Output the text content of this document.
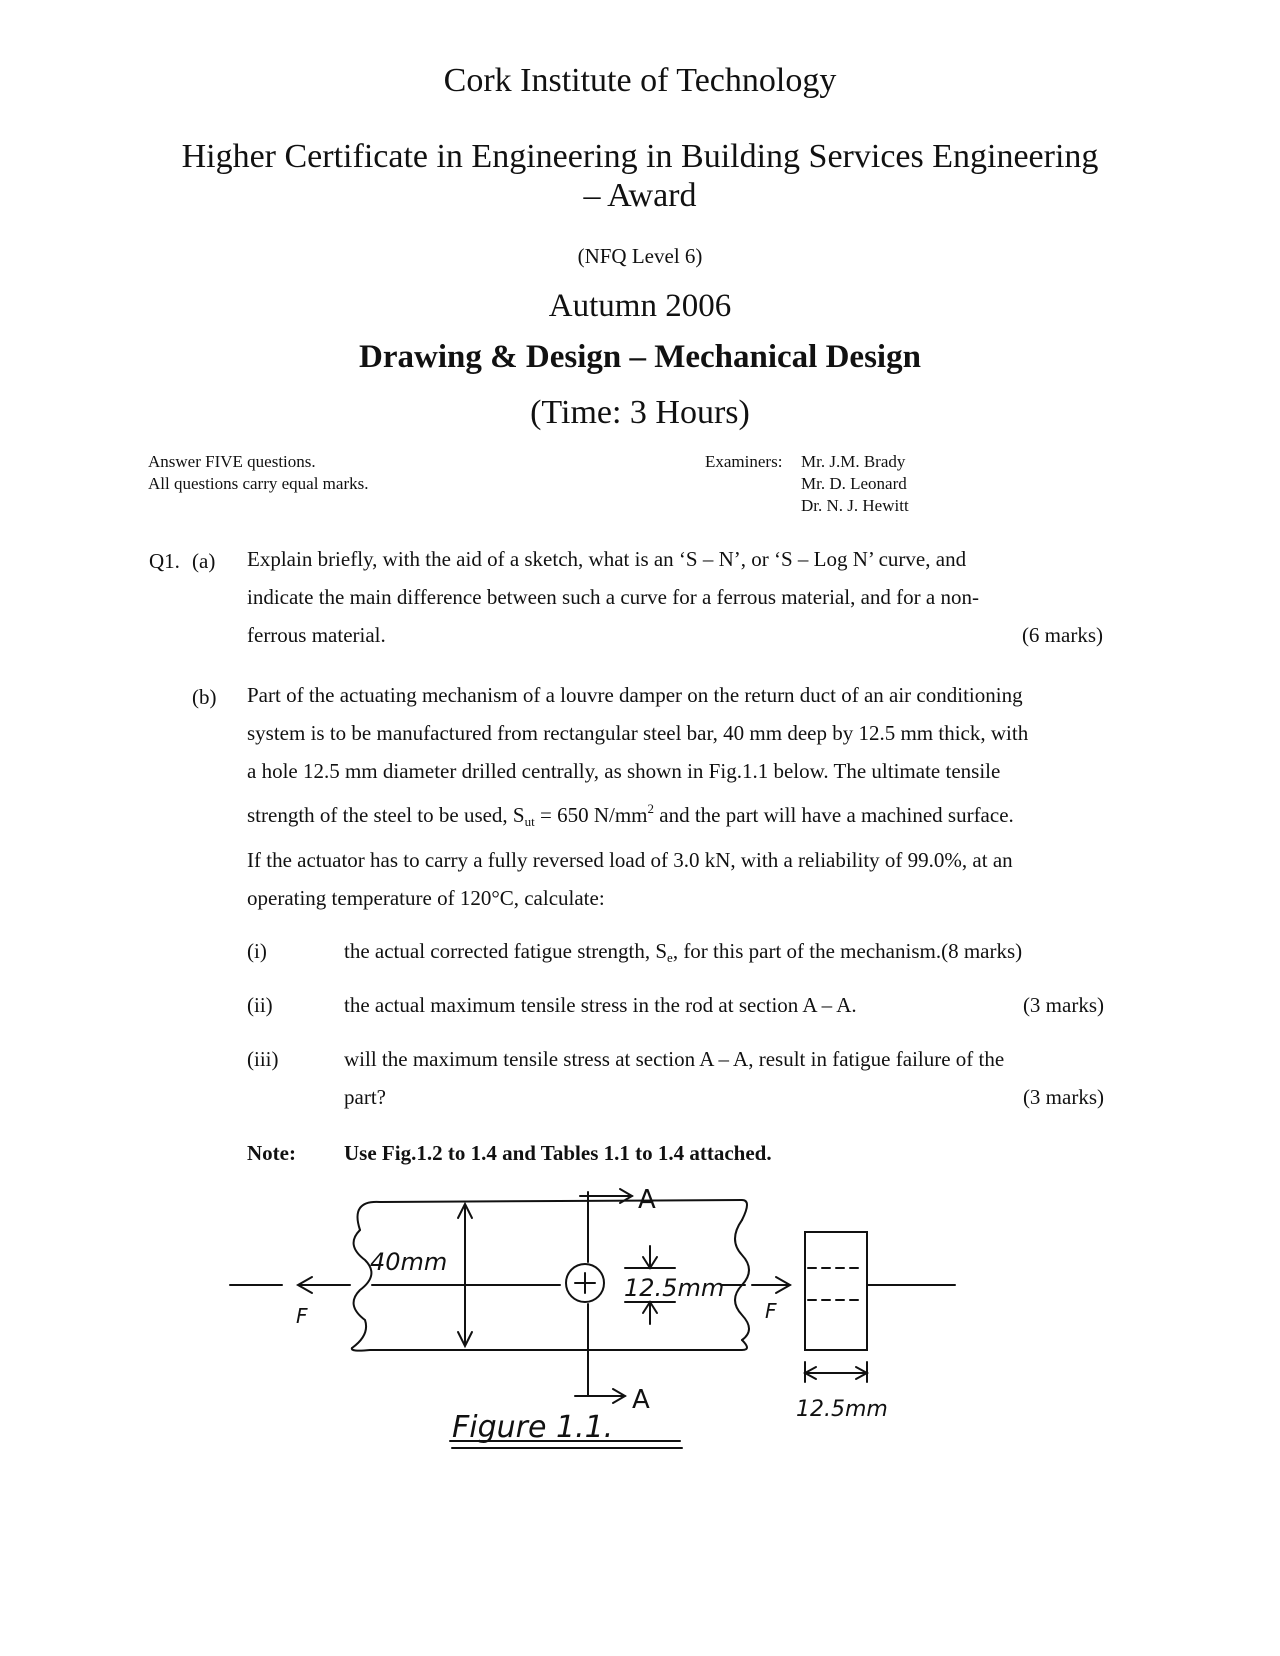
Cork Institute of Technology
Higher Certificate in Engineering in Building Services Engineering
– Award
(NFQ Level 6)
Autumn 2006
Drawing & Design – Mechanical Design
(Time: 3 Hours)
Answer FIVE questions.
All questions carry equal marks.
Examiners: Mr. J.M. Brady
Mr. D. Leonard
Dr. N. J. Hewitt
Q1. (a) Explain briefly, with the aid of a sketch, what is an ‘S – N’, or ‘S – Log N’ curve, and
indicate the main difference between such a curve for a ferrous material, and for a non-
ferrous material.	(6 marks)
(b) Part of the actuating mechanism of a louvre damper on the return duct of an air conditioning
system is to be manufactured from rectangular steel bar, 40 mm deep by 12.5 mm thick, with
a hole 12.5 mm diameter drilled centrally, as shown in Fig.1.1 below. The ultimate tensile
strength of the steel to be used, $S_{ut} = 650$ $N/mm^2$ and the part will have a machined surface.
If the actuator has to carry a fully reversed load of 3.0 kN, with a reliability of 99.0%, at an
operating temperature of 120°C, calculate:
(i)	the actual corrected fatigue strength, $S_e$, for this part of the mechanism.(8 marks)
(ii)	the actual maximum tensile stress in the rod at section A – A.	(3 marks)
(iii)	will the maximum tensile stress at section A – A, result in fatigue failure of the
part?	(3 marks)
Note: Use Fig.1.2 to 1.4 and Tables 1.1 to 1.4 attached.
40mm
12.5mm
12.5mm
F	F
A
A
Figure 1.1.
